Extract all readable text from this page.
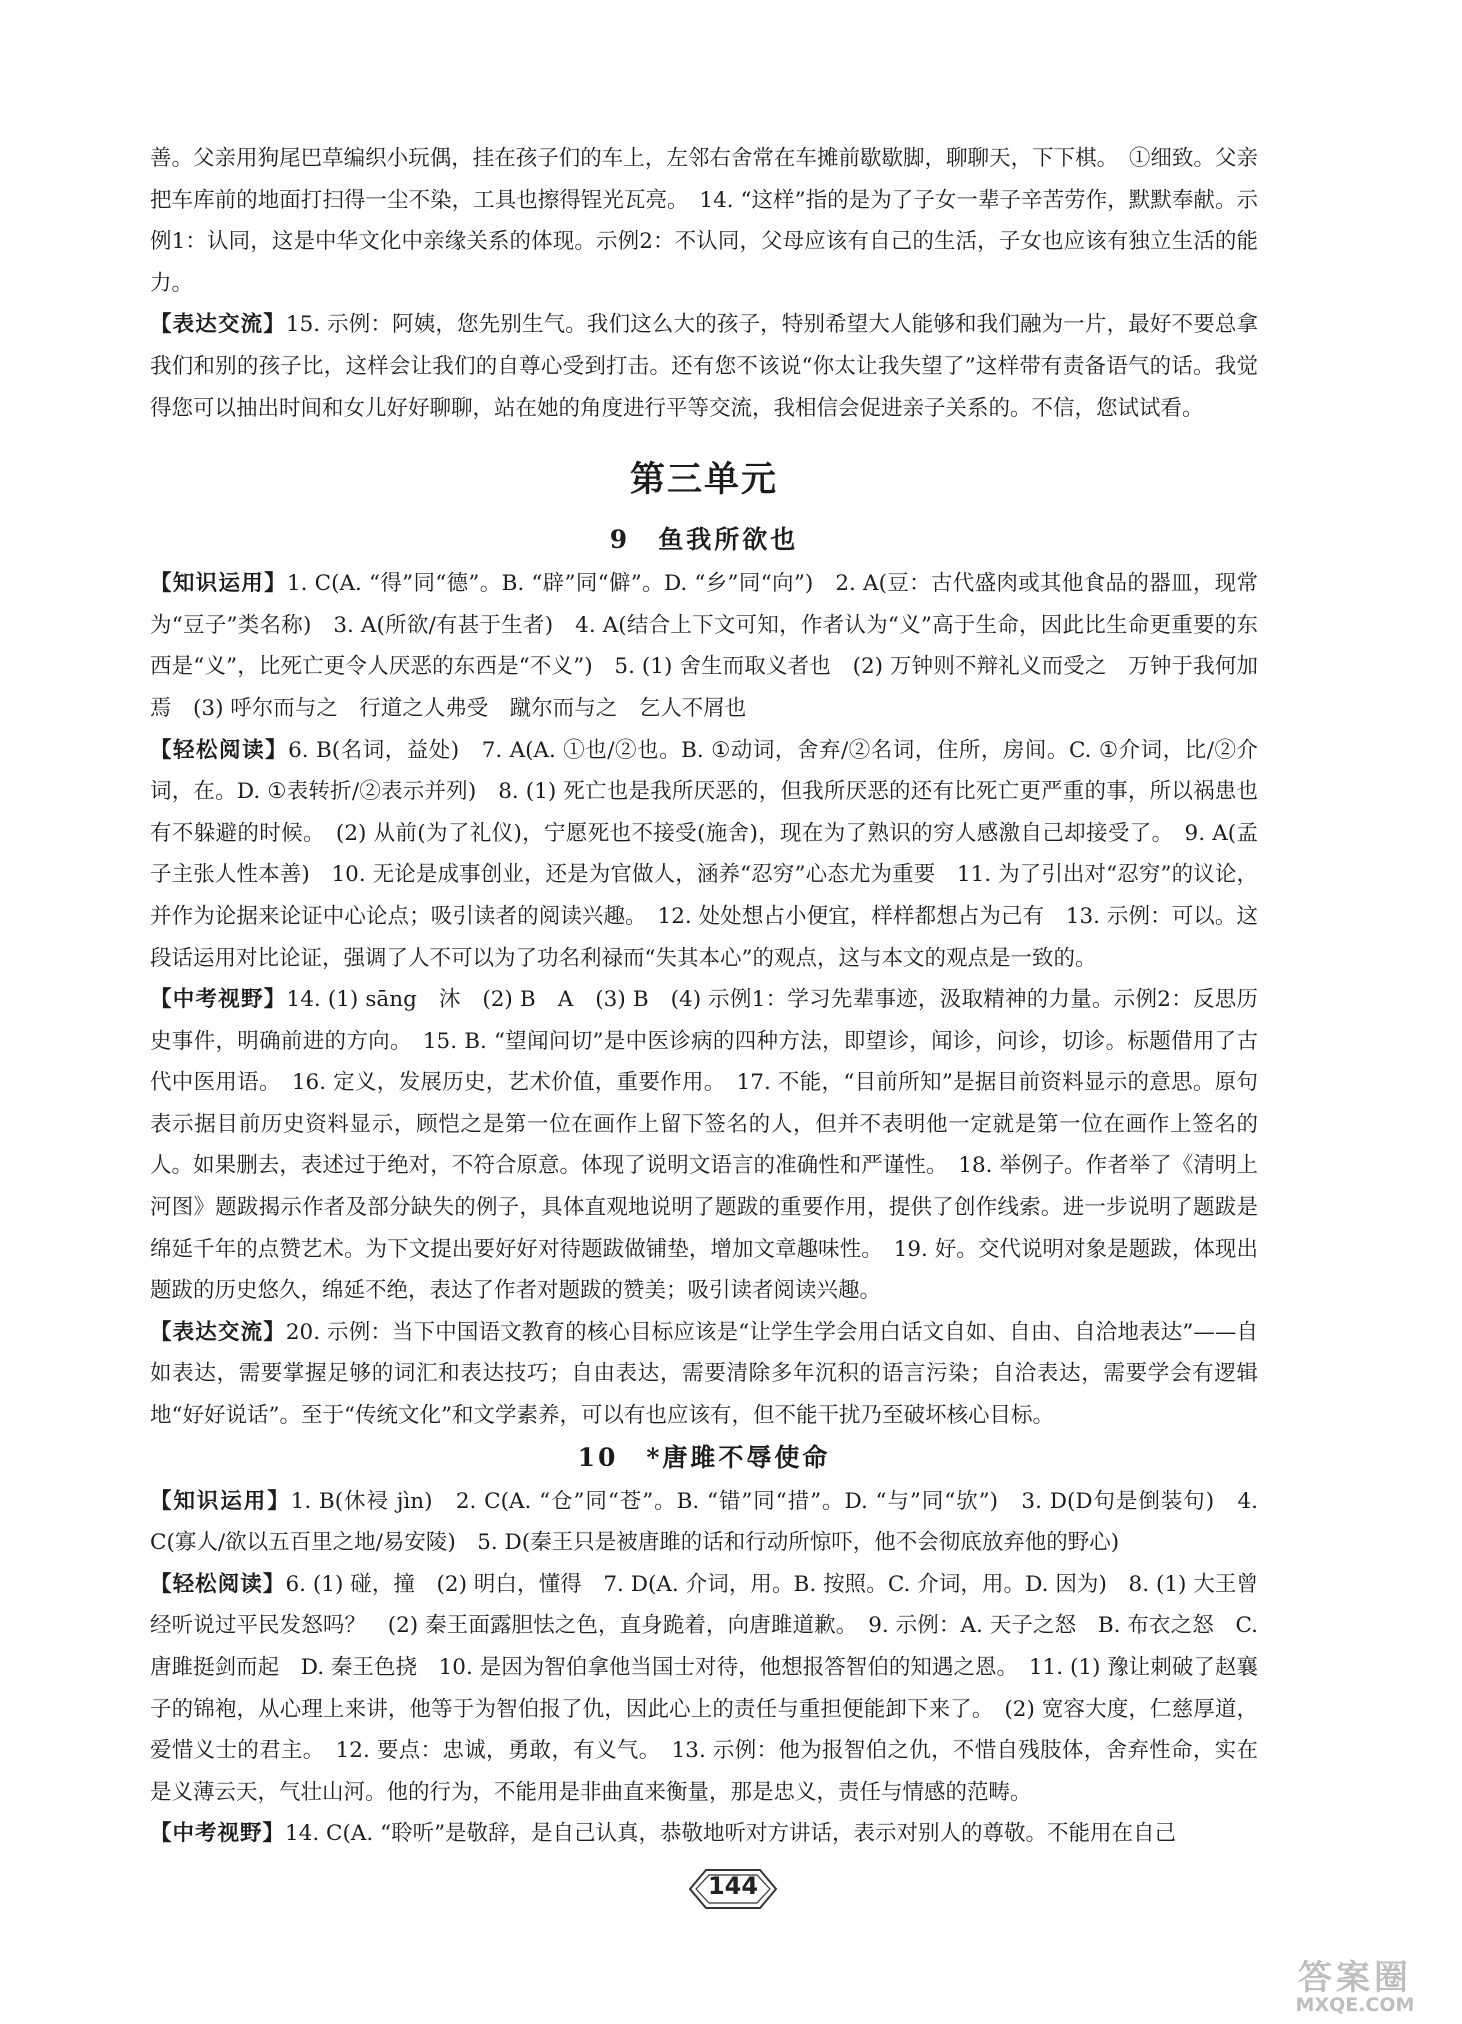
善。父亲用狗尾巴草编织小玩偶，挂在孩子们的车上，左邻右舍常在车摊前歇歇脚，聊聊天，下下棋。　①细致。父亲把车库前的地面打扫得一尘不染，工具也擦得锃光瓦亮。　14. “这样”指的是为了子女一辈子辛苦劳作，默默奉献。示例1：认同，这是中华文化中亲缘关系的体现。示例2：不认同，父母应该有自己的生活，子女也应该有独立生活的能力。

【表达交流】15. 示例：阿姨，您先别生气。我们这么大的孩子，特别希望大人能够和我们融为一片，最好不要总拿我们和别的孩子比，这样会让我们的自尊心受到打击。还有您不该说“你太让我失望了”这样带有责备语气的话。我觉得您可以抽出时间和女儿好好聊聊，站在她的角度进行平等交流，我相信会促进亲子关系的。不信，您试试看。

第三单元
9　鱼我所欲也

【知识运用】1. C(A. “得”同“德”。B. “辟”同“僻”。D. “乡”同“向”)　2. A(豆：古代盛肉或其他食品的器皿，现常为“豆子”类名称)　3. A(所欲/有甚于生者)　4. A(结合上下文可知，作者认为“义”高于生命，因此比生命更重要的东西是“义”，比死亡更令人厌恶的东西是“不义”)　5. (1) 舍生而取义者也　(2) 万钟则不辩礼义而受之　万钟于我何加焉　(3) 呼尔而与之　行道之人弗受　蹴尔而与之　乞人不屑也

【轻松阅读】6. B(名词，益处)　7. A(A. ①也/②也。B. ①动词，舍弃/②名词，住所，房间。C. ①介词，比/②介词，在。D. ①表转折/②表示并列)　8. (1) 死亡也是我所厌恶的，但我所厌恶的还有比死亡更严重的事，所以祸患也有不躲避的时候。　(2) 从前(为了礼仪)，宁愿死也不接受(施舍)，现在为了熟识的穷人感激自己却接受了。　9. A(孟子主张人性本善)　10. 无论是成事创业，还是为官做人，涵养“忍穷”心态尤为重要　11. 为了引出对“忍穷”的议论，并作为论据来论证中心论点；吸引读者的阅读兴趣。　12. 处处想占小便宜，样样都想占为己有　13. 示例：可以。这段话运用对比论证，强调了人不可以为了功名利禄而“失其本心”的观点，这与本文的观点是一致的。

【中考视野】14. (1) sāng　沐　(2) B　A　(3) B　(4) 示例1：学习先辈事迹，汲取精神的力量。示例2：反思历史事件，明确前进的方向。　15. B. “望闻问切”是中医诊病的四种方法，即望诊，闻诊，问诊，切诊。标题借用了古代中医用语。　16. 定义，发展历史，艺术价值，重要作用。　17. 不能，“目前所知”是据目前资料显示的意思。原句表示据目前历史资料显示，顾恺之是第一位在画作上留下签名的人，但并不表明他一定就是第一位在画作上签名的人。如果删去，表述过于绝对，不符合原意。体现了说明文语言的准确性和严谨性。　18. 举例子。作者举了《清明上河图》题跋揭示作者及部分缺失的例子，具体直观地说明了题跋的重要作用，提供了创作线索。进一步说明了题跋是绵延千年的点赞艺术。为下文提出要好好对待题跋做铺垫，增加文章趣味性。　19. 好。交代说明对象是题跋，体现出题跋的历史悠久，绵延不绝，表达了作者对题跋的赞美；吸引读者阅读兴趣。

【表达交流】20. 示例：当下中国语文教育的核心目标应该是“让学生学会用白话文自如、自由、自洽地表达”——自如表达，需要掌握足够的词汇和表达技巧；自由表达，需要清除多年沉积的语言污染；自洽表达，需要学会有逻辑地“好好说话”。至于“传统文化”和文学素养，可以有也应该有，但不能干扰乃至破坏核心目标。

10　*唐雎不辱使命

【知识运用】1. B(休祲 jìn)　2. C(A. “仓”同“苍”。B. “错”同“措”。D. “与”同“欤”)　3. D(D句是倒装句)　4. C(寡人/欲以五百里之地/易安陵)　5. D(秦王只是被唐雎的话和行动所惊吓，他不会彻底放弃他的野心)

【轻松阅读】6. (1) 碰，撞　(2) 明白，懂得　7. D(A. 介词，用。B. 按照。C. 介词，用。D. 因为)　8. (1) 大王曾经听说过平民发怒吗？　(2) 秦王面露胆怯之色，直身跪着，向唐雎道歉。　9. 示例：A. 天子之怒　B. 布衣之怒　C. 唐雎挺剑而起　D. 秦王色挠　10. 是因为智伯拿他当国士对待，他想报答智伯的知遇之恩。　11. (1) 豫让刺破了赵襄子的锦袍，从心理上来讲，他等于为智伯报了仇，因此心上的责任与重担便能卸下来了。　(2) 宽容大度，仁慈厚道，爱惜义士的君主。　12. 要点：忠诚，勇敢，有义气。　13. 示例：他为报智伯之仇，不惜自残肢体，舍弃性命，实在是义薄云天，气壮山河。他的行为，不能用是非曲直来衡量，那是忠义，责任与情感的范畴。

【中考视野】14. C(A. “聆听”是敬辞，是自己认真，恭敬地听对方讲话，表示对别人的尊敬。不能用在自己

144
答案圈
MXQE.COM
